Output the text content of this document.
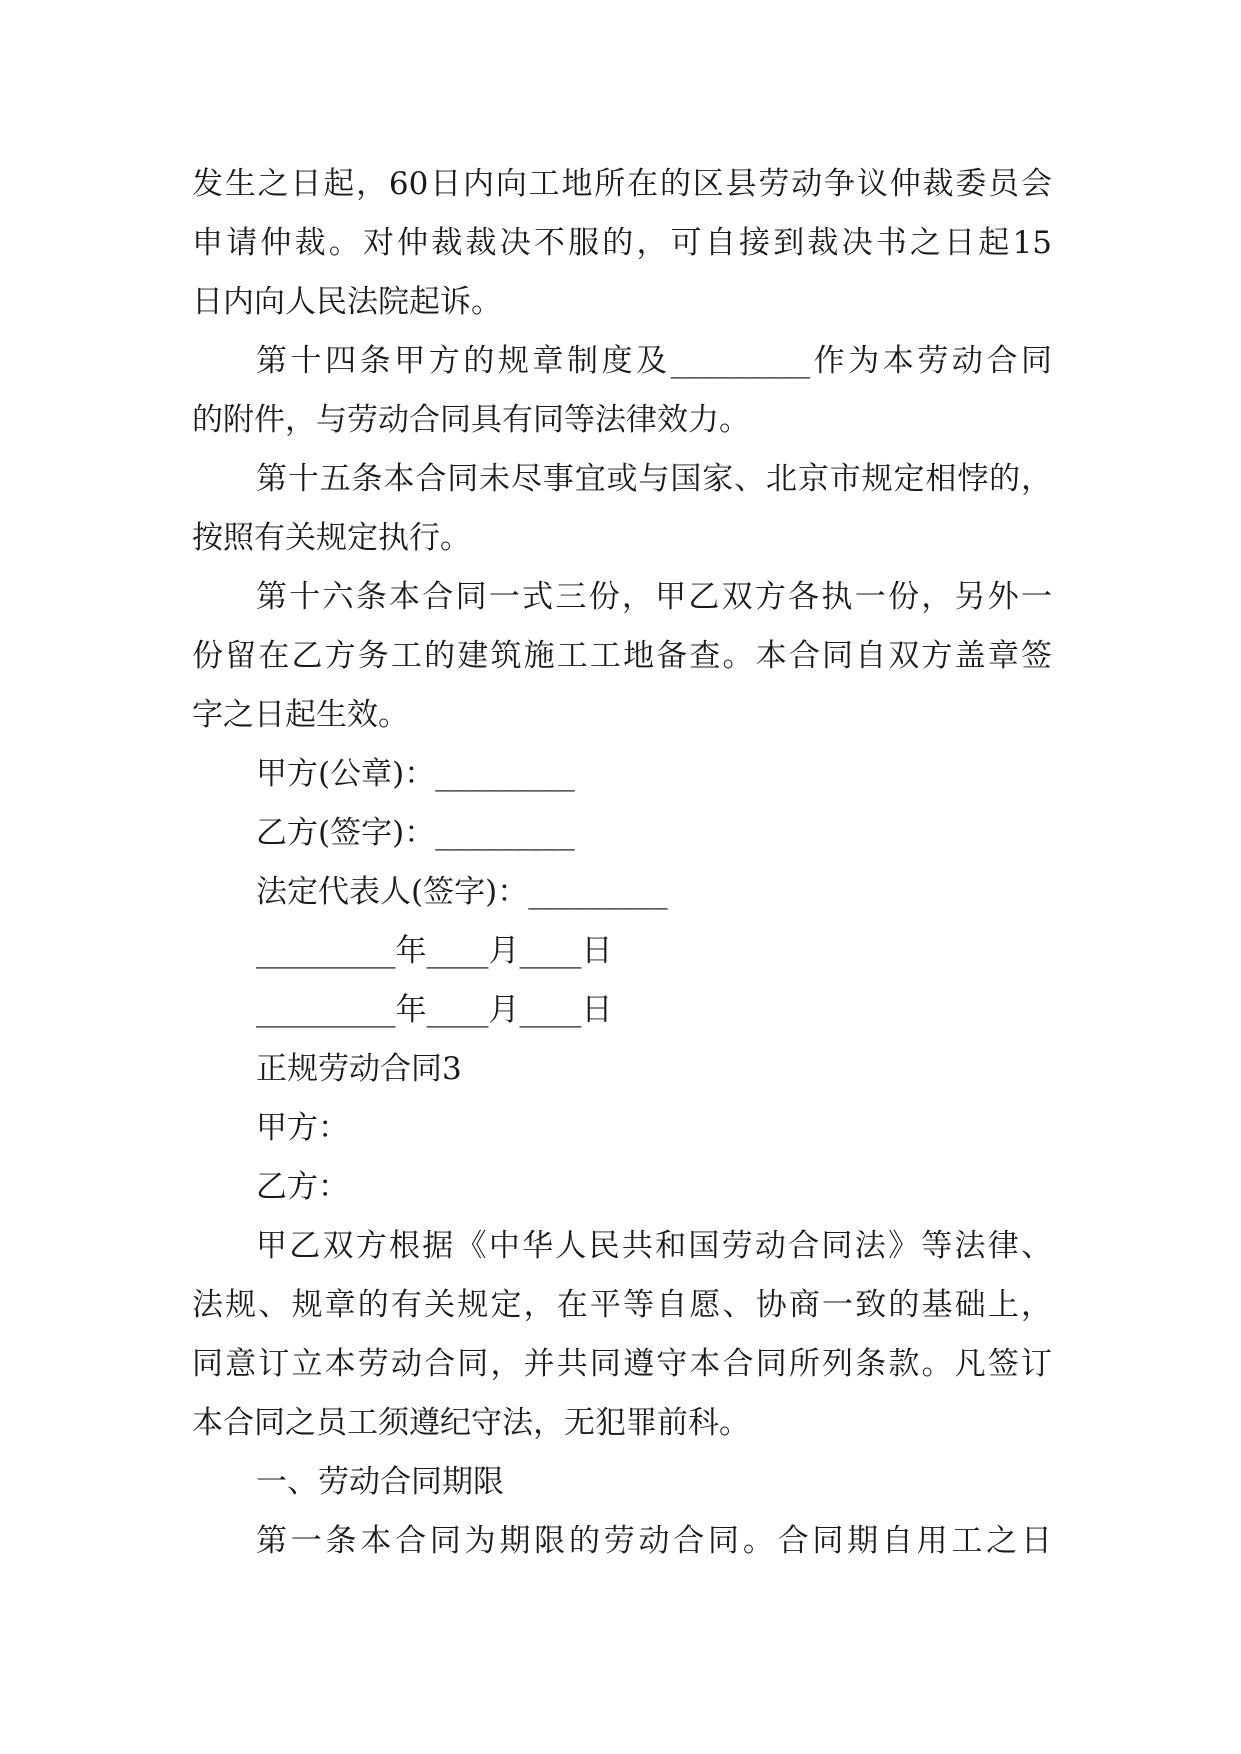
发生之日起，60日内向工地所在的区县劳动争议仲裁委员会
申请仲裁。对仲裁裁决不服的，可自接到裁决书之日起15
日内向人民法院起诉。
第十四条甲方的规章制度及_________作为本劳动合同
的附件，与劳动合同具有同等法律效力。
第十五条本合同未尽事宜或与国家、北京市规定相悖的，
按照有关规定执行。
第十六条本合同一式三份，甲乙双方各执一份，另外一
份留在乙方务工的建筑施工工地备查。本合同自双方盖章签
字之日起生效。
甲方(公章)：_________
乙方(签字)：_________
法定代表人(签字)：_________
_________年____月____日
_________年____月____日
正规劳动合同3
甲方：
乙方：
甲乙双方根据《中华人民共和国劳动合同法》等法律、
法规、规章的有关规定，在平等自愿、协商一致的基础上，
同意订立本劳动合同，并共同遵守本合同所列条款。凡签订
本合同之员工须遵纪守法，无犯罪前科。
一、劳动合同期限
第一条本合同为期限的劳动合同。合同期自用工之日
